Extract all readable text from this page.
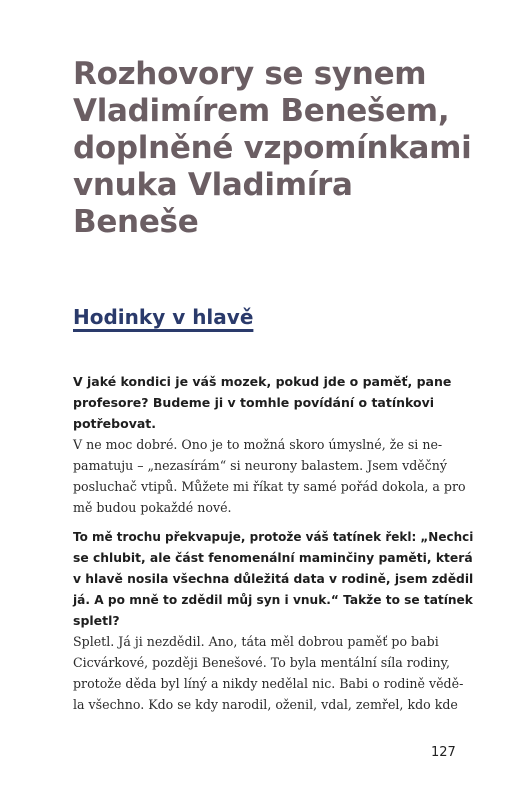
Rozhovory se synem
Vladimírem Benešem,
doplněné vzpomínkami
vnuka Vladimíra
Beneše
Hodinky v hlavě
V jaké kondici je váš mozek, pokud jde o paměť, pane
profesore? Budeme ji v tomhle povídání o tatínkovi
potřebovat.
V ne moc dobré. Ono je to možná skoro úmyslné, že si ne-
pamatuju – „nezasírám“ si neurony balastem. Jsem vděčný
posluchač vtipů. Můžete mi říkat ty samé pořád dokola, a pro
mě budou pokaždé nové.
To mě trochu překvapuje, protože váš tatínek řekl: „Nechci
se chlubit, ale část fenomenální maminčiny paměti, která
v hlavě nosila všechna důležitá data v rodině, jsem zdědil
já. A po mně to zdědil můj syn i vnuk.“ Takže to se tatínek
spletl?
Spletl. Já ji nezdědil. Ano, táta měl dobrou paměť po babi
Cicvárkové, později Benešové. To byla mentální síla rodiny,
protože děda byl líný a nikdy nedělal nic. Babi o rodině vědě-
la všechno. Kdo se kdy narodil, oženil, vdal, zemřel, kdo kde

127
